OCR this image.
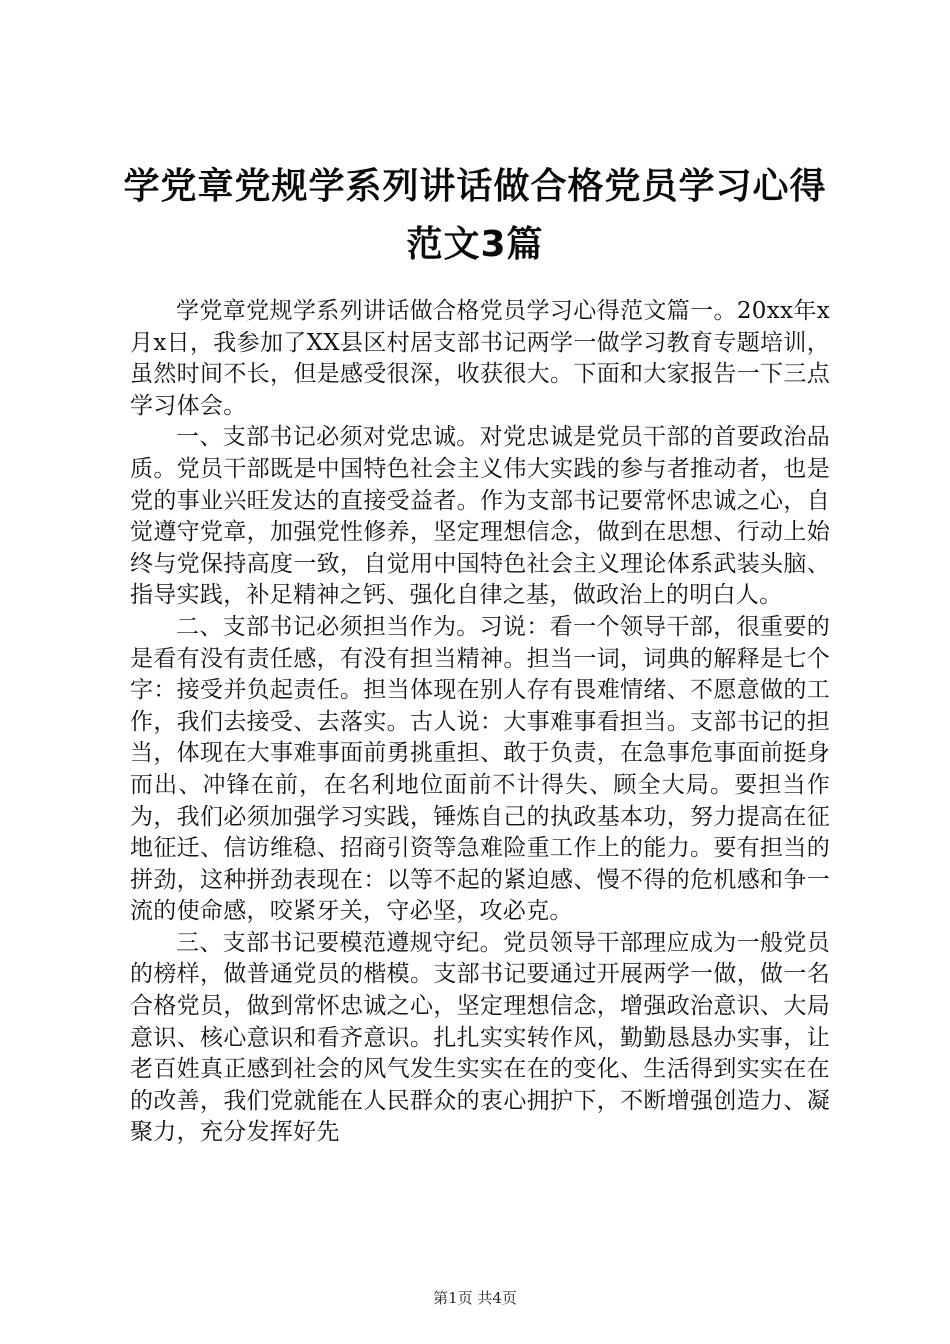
学党章党规学系列讲话做合格党员学习心得范文3篇

学党章党规学系列讲话做合格党员学习心得范文篇一。20xx年x月x日，我参加了XX县区村居支部书记两学一做学习教育专题培训，虽然时间不长，但是感受很深，收获很大。下面和大家报告一下三点学习体会。

一、支部书记必须对党忠诚。对党忠诚是党员干部的首要政治品质。党员干部既是中国特色社会主义伟大实践的参与者推动者，也是党的事业兴旺发达的直接受益者。作为支部书记要常怀忠诚之心，自觉遵守党章，加强党性修养，坚定理想信念，做到在思想、行动上始终与党保持高度一致，自觉用中国特色社会主义理论体系武装头脑、指导实践，补足精神之钙、强化自律之基，做政治上的明白人。

二、支部书记必须担当作为。习说：看一个领导干部，很重要的是看有没有责任感，有没有担当精神。担当一词，词典的解释是七个字：接受并负起责任。担当体现在别人存有畏难情绪、不愿意做的工作，我们去接受、去落实。古人说：大事难事看担当。支部书记的担当，体现在大事难事面前勇挑重担、敢于负责，在急事危事面前挺身而出、冲锋在前，在名利地位面前不计得失、顾全大局。要担当作为，我们必须加强学习实践，锤炼自己的执政基本功，努力提高在征地征迁、信访维稳、招商引资等急难险重工作上的能力。要有担当的拼劲，这种拼劲表现在：以等不起的紧迫感、慢不得的危机感和争一流的使命感，咬紧牙关，守必坚，攻必克。

三、支部书记要模范遵规守纪。党员领导干部理应成为一般党员的榜样，做普通党员的楷模。支部书记要通过开展两学一做，做一名合格党员，做到常怀忠诚之心，坚定理想信念，增强政治意识、大局意识、核心意识和看齐意识。扎扎实实转作风，勤勤恳恳办实事，让老百姓真正感到社会的风气发生实实在在的变化、生活得到实实在在的改善，我们党就能在人民群众的衷心拥护下，不断增强创造力、凝聚力，充分发挥好先

第1页 共4页
